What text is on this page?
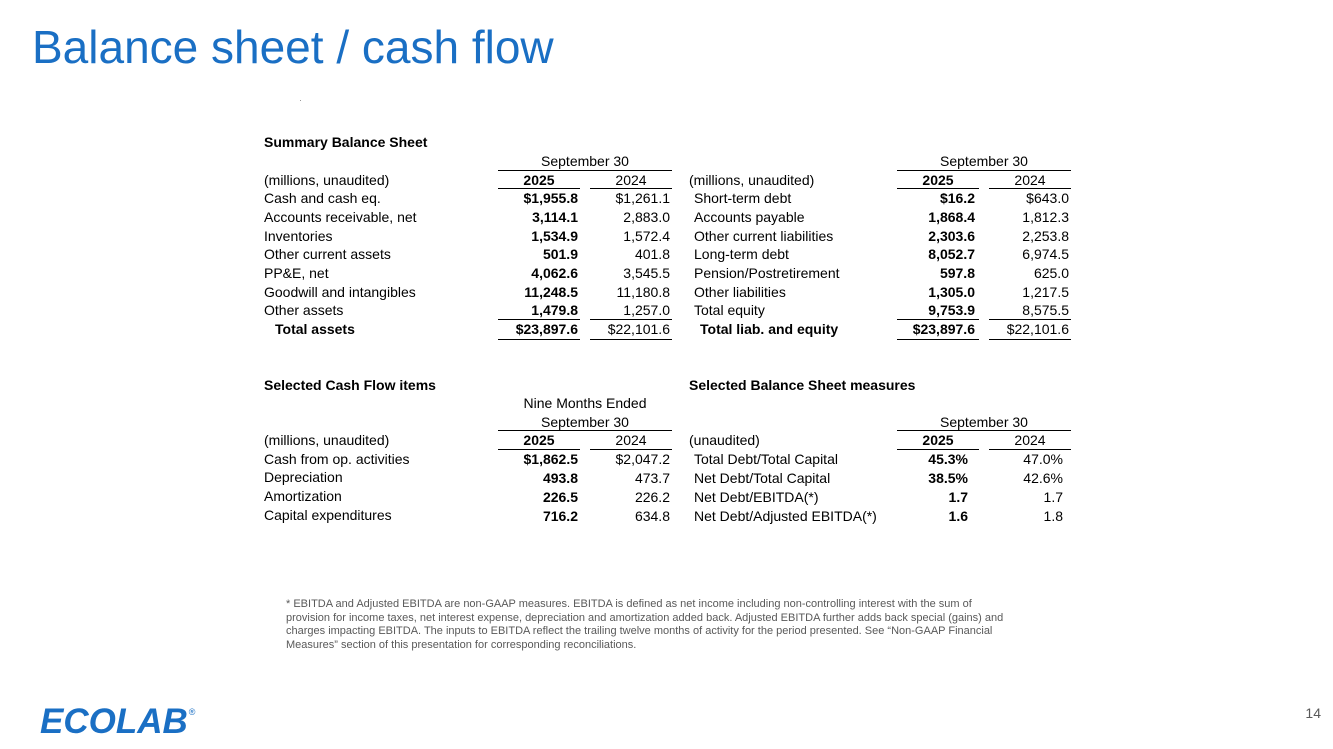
Balance sheet / cash flow
Summary Balance Sheet
September 30
(millions, unaudited)	2025	2024
Cash and cash eq.	$1,955.8	$1,261.1
Accounts receivable, net	3,114.1	2,883.0
Inventories	1,534.9	1,572.4
Other current assets	501.9	401.8
PP&E, net	4,062.6	3,545.5
Goodwill and intangibles	11,248.5	11,180.8
Other assets	1,479.8	1,257.0
Total assets	$23,897.6	$22,101.6
September 30
(millions, unaudited)	2025	2024
Short-term debt	$16.2	$643.0
Accounts payable	1,868.4	1,812.3
Other current liabilities	2,303.6	2,253.8
Long-term debt	8,052.7	6,974.5
Pension/Postretirement	597.8	625.0
Other liabilities	1,305.0	1,217.5
Total equity	9,753.9	8,575.5
Total liab. and equity	$23,897.6	$22,101.6
Selected Cash Flow items
Nine Months Ended
September 30
(millions, unaudited)	2025	2024
Cash from op. activities	$1,862.5	$2,047.2
Depreciation	493.8	473.7
Amortization	226.5	226.2
Capital expenditures	716.2	634.8
Selected Balance Sheet measures
September 30
(unaudited)	2025	2024
Total Debt/Total Capital	45.3%	47.0%
Net Debt/Total Capital	38.5%	42.6%
Net Debt/EBITDA(*)	1.7	1.7
Net Debt/Adjusted EBITDA(*)	1.6	1.8

* EBITDA and Adjusted EBITDA are non-GAAP measures. EBITDA is defined as net income including non-controlling interest with the sum of provision for income taxes, net interest expense, depreciation and amortization added back. Adjusted EBITDA further adds back special (gains) and charges impacting EBITDA. The inputs to EBITDA reflect the trailing twelve months of activity for the period presented. See “Non-GAAP Financial Measures” section of this presentation for corresponding reconciliations.

ECOLAB ®	14
